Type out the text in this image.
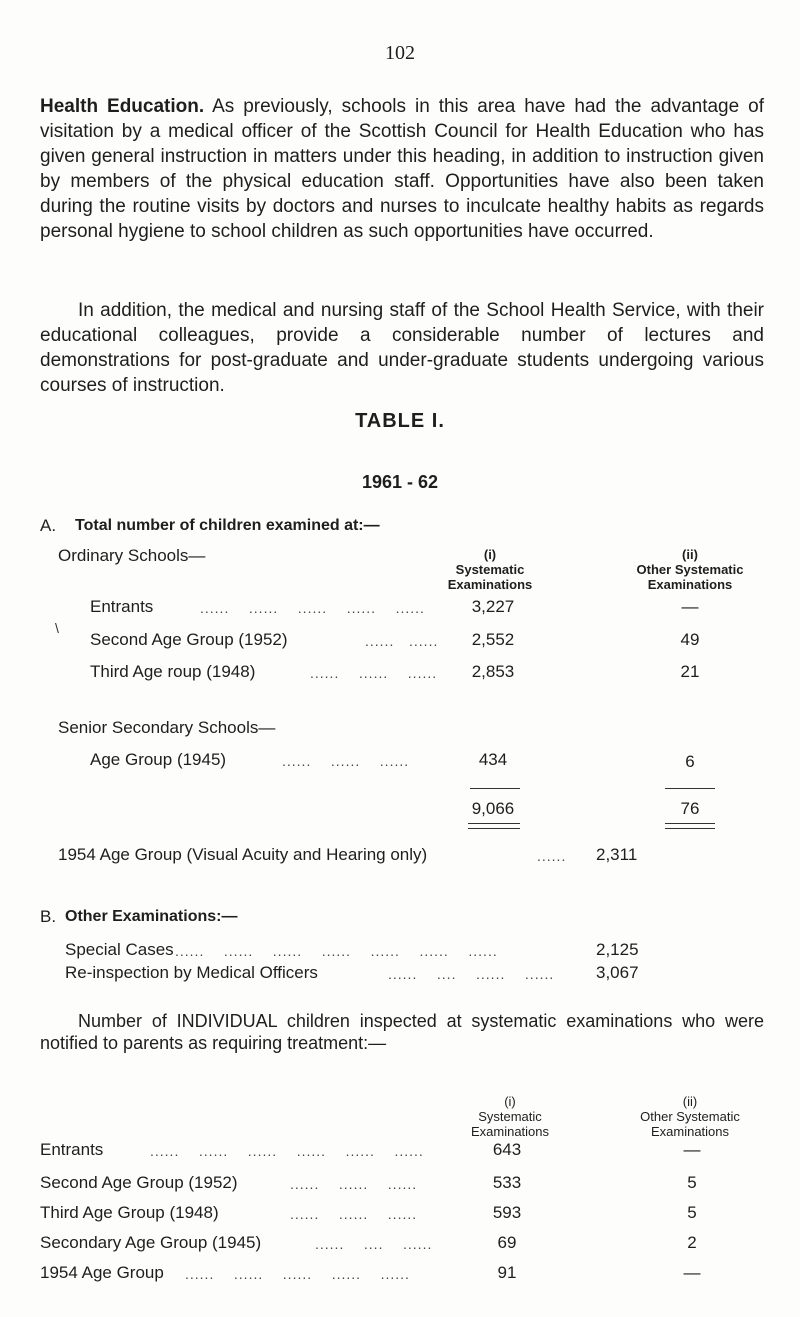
102
Health Education. As previously, schools in this area have had the advantage of visitation by a medical officer of the Scottish Council for Health Education who has given general instruction in matters under this heading, in addition to instruction given by members of the physical education staff. Opportunities have also been taken during the routine visits by doctors and nurses to inculcate healthy habits as regards personal hygiene to school children as such opportunities have occurred.
In addition, the medical and nursing staff of the School Health Service, with their educational colleagues, provide a considerable number of lectures and demonstrations for post-graduate and under-graduate students undergoing various courses of instruction.
TABLE I.
1961 - 62
A. Total number of children examined at:—
Ordinary Schools—	(i)
Systematic
Examinations
(ii)
Other Systematic
Examinations
Entrants	......    ......    ......    ......    ......	3,227	—
\
Second Age Group (1952)	......   ......	2,552	49
Third Age roup (1948)	......    ......    ......	2,853	21
Senior Secondary Schools—
Age Group (1945)	......    ......    ......	434	6
9,066	76
1954 Age Group (Visual Acuity and Hearing only)	...... 2,311
B. Other Examinations:—
Special Cases ......    ......    ......    ......    ......    ......    ......	2,125
Re-inspection by Medical Officers	......    ....    ......    ...... 3,067
Number of INDIVIDUAL children inspected at systematic examinations who were notified to parents as requiring treatment:—
(i)
Systematic
Examinations
(ii)
Other Systematic
Examinations
Entrants	......    ......    ......    ......    ......    ......	643	—
Second Age Group (1952)	......    ......    ......	533	5
Third Age Group (1948)	......    ......    ......	593	5
Secondary Age Group (1945)	......    ....    ......	69	2
1954 Age Group ......    ......    ......    ......    ......	91	—
